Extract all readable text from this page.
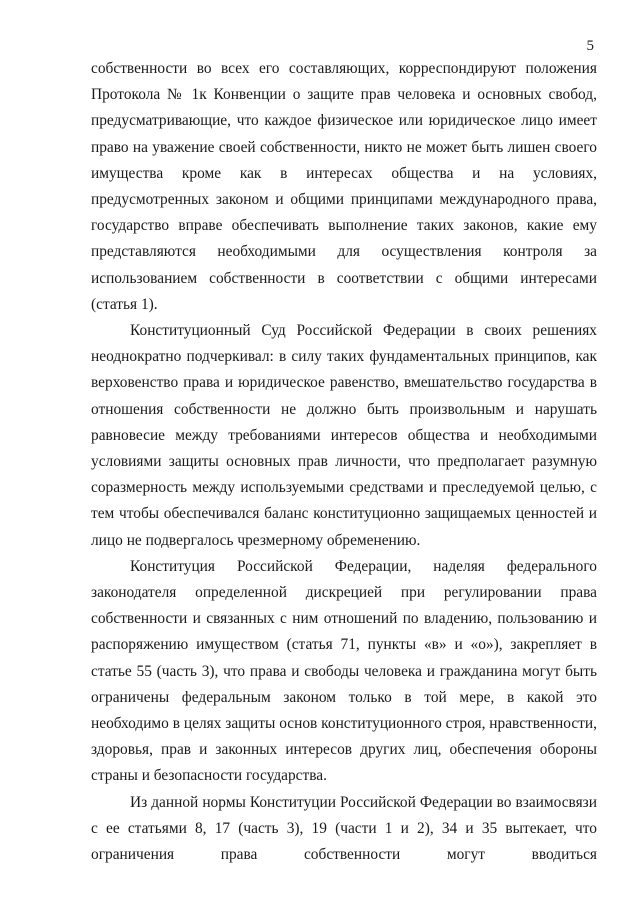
5

собственности во всех его составляющих, корреспондируют положения Протокола № 1к Конвенции о защите прав человека и основных свобод, предусматривающие, что каждое физическое или юридическое лицо имеет право на уважение своей собственности, никто не может быть лишен своего имущества кроме как в интересах общества и на условиях, предусмотренных законом и общими принципами международного права, государство вправе обеспечивать выполнение таких законов, какие ему представляются необходимыми для осуществления контроля за использованием собственности в соответствии с общими интересами (статья 1).

Конституционный Суд Российской Федерации в своих решениях неоднократно подчеркивал: в силу таких фундаментальных принципов, как верховенство права и юридическое равенство, вмешательство государства в отношения собственности не должно быть произвольным и нарушать равновесие между требованиями интересов общества и необходимыми условиями защиты основных прав личности, что предполагает разумную соразмерность между используемыми средствами и преследуемой целью, с тем чтобы обеспечивался баланс конституционно защищаемых ценностей и лицо не подвергалось чрезмерному обременению.

Конституция Российской Федерации, наделяя федерального законодателя определенной дискрецией при регулировании права собственности и связанных с ним отношений по владению, пользованию и распоряжению имуществом (статья 71, пункты «в» и «о»), закрепляет в статье 55 (часть 3), что права и свободы человека и гражданина могут быть ограничены федеральным законом только в той мере, в какой это необходимо в целях защиты основ конституционного строя, нравственности, здоровья, прав и законных интересов других лиц, обеспечения обороны страны и безопасности государства.

Из данной нормы Конституции Российской Федерации во взаимосвязи с ее статьями 8, 17 (часть 3), 19 (части 1 и 2), 34 и 35 вытекает, что ограничения права собственности могут вводиться
